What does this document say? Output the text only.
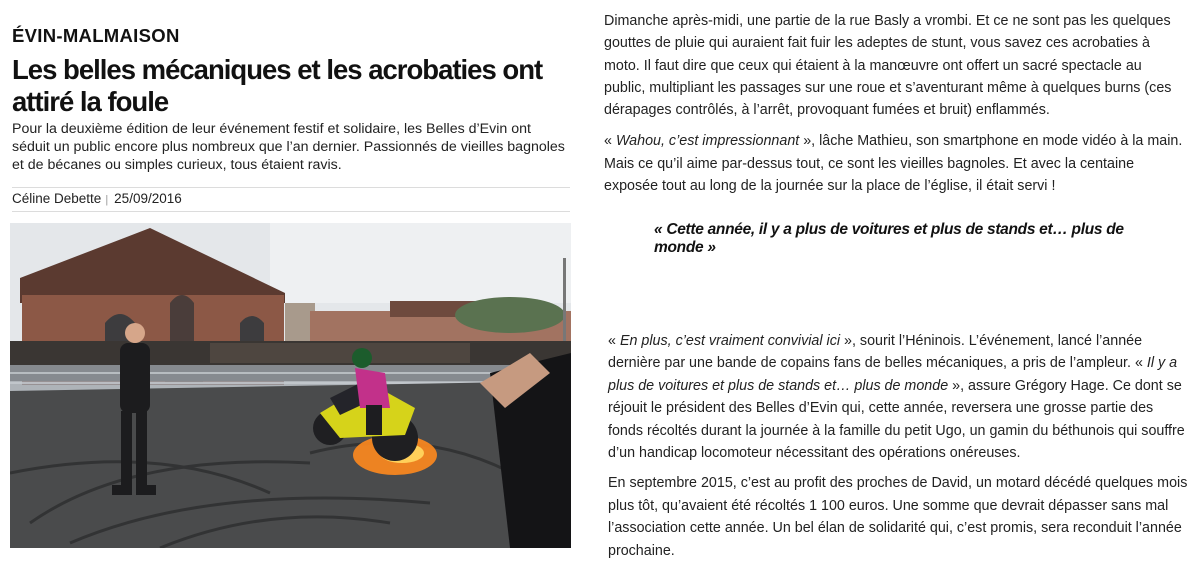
ÉVIN-MALMAISON

Les belles mécaniques et les acrobaties ont attiré la foule

Pour la deuxième édition de leur événement festif et solidaire, les Belles d’Evin ont séduit un public encore plus nombreux que l’an dernier. Passionnés de vieilles bagnoles et de bécanes ou simples curieux, tous étaient ravis.

Céline Debette | 25/09/2016

Dimanche après-midi, une partie de la rue Basly a vrombi. Et ce ne sont pas les quelques gouttes de pluie qui auraient fait fuir les adeptes de stunt, vous savez ces acrobaties à moto. Il faut dire que ceux qui étaient à la manœuvre ont offert un sacré spectacle au public, multipliant les passages sur une roue et s’aventurant même à quelques burns (ces dérapages contrôlés, à l’arrêt, provoquant fumées et bruit) enflammés.

« Wahou, c’est impressionnant », lâche Mathieu, son smartphone en mode vidéo à la main. Mais ce qu’il aime par-dessus tout, ce sont les vieilles bagnoles. Et avec la centaine exposée tout au long de la journée sur la place de l’église, il était servi !

« Cette année, il y a plus de voitures et plus de stands et… plus de monde »

« En plus, c’est vraiment convivial ici », sourit l’Héninois. L’événement, lancé l’année dernière par une bande de copains fans de belles mécaniques, a pris de l’ampleur. « Il y a plus de voitures et plus de stands et… plus de monde », assure Grégory Hage. Ce dont se réjouit le président des Belles d’Evin qui, cette année, reversera une grosse partie des fonds récoltés durant la journée à la famille du petit Ugo, un gamin du béthunois qui souffre d’un handicap locomoteur nécessitant des opérations onéreuses.

En septembre 2015, c’est au profit des proches de David, un motard décédé quelques mois plus tôt, qu’avaient été récoltés 1 100 euros. Une somme que devrait dépasser sans mal l’association cette année. Un bel élan de solidarité qui, c’est promis, sera reconduit l’année prochaine.
